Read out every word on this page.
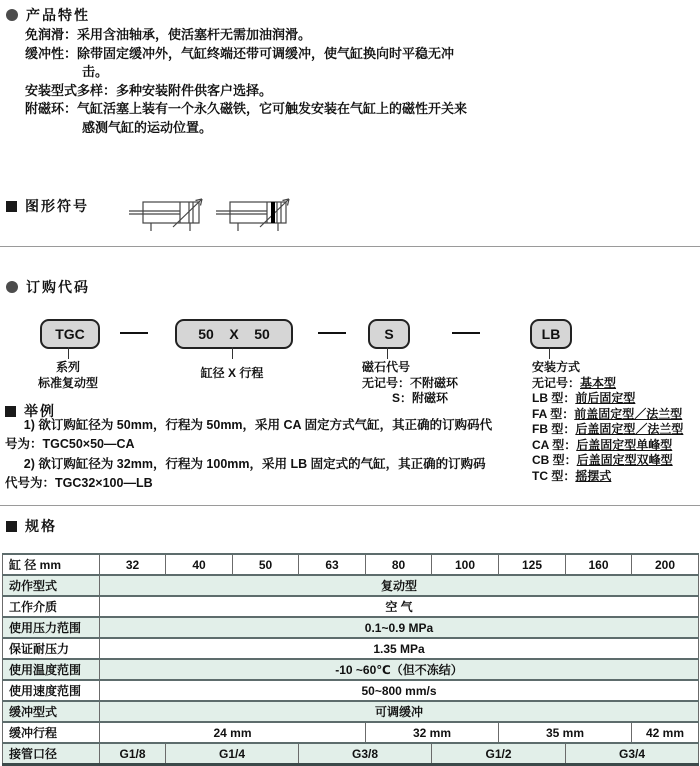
产品特性
免润滑：采用含油轴承，使活塞杆无需加油润滑。
缓冲性：除带固定缓冲外，气缸终端还带可调缓冲，使气缸换向时平稳无冲击。
安装型式多样：多种安装附件供客户选择。
附磁环：气缸活塞上装有一个永久磁铁，它可触发安装在气缸上的磁性开关来感测气缸的运动位置。
图形符号
订购代码
TGC	50    X    50	S	LB
系列
标准复动型
缸径 X 行程	磁石代号
无记号：不附磁环
S：附磁环
安装方式
无记号：基本型
LB 型：前后固定型
FA 型：前盖固定型／法兰型
FB 型：后盖固定型／法兰型
CA 型：后盖固定型单峰型
CB 型：后盖固定型双峰型
TC 型：摇摆式
举例

1) 欲订购缸径为 50mm，行程为 50mm，采用 CA 固定方式气缸，其正确的订购码代号为：TGC50×50—CA

2) 欲订购缸径为 32mm，行程为 100mm，采用 LB 固定式的气缸，其正确的订购码代号为：TGC32×100—LB

规格
缸 径 mm	32	40	50	63	80	100	125	160	200
动作型式	复动型								
工作介质	空 气								
使用压力范围	0.1~0.9 MPa								
保证耐压力	1.35 MPa								
使用温度范围	-10 ~60℃（但不冻结）								
使用速度范围	50~800 mm/s								
缓冲型式	可调缓冲								
缓冲行程	24 mm				32 mm		35 mm		42 mm
接管口径	G1/8	G1/4		G3/8		G1/2		G3/4	
